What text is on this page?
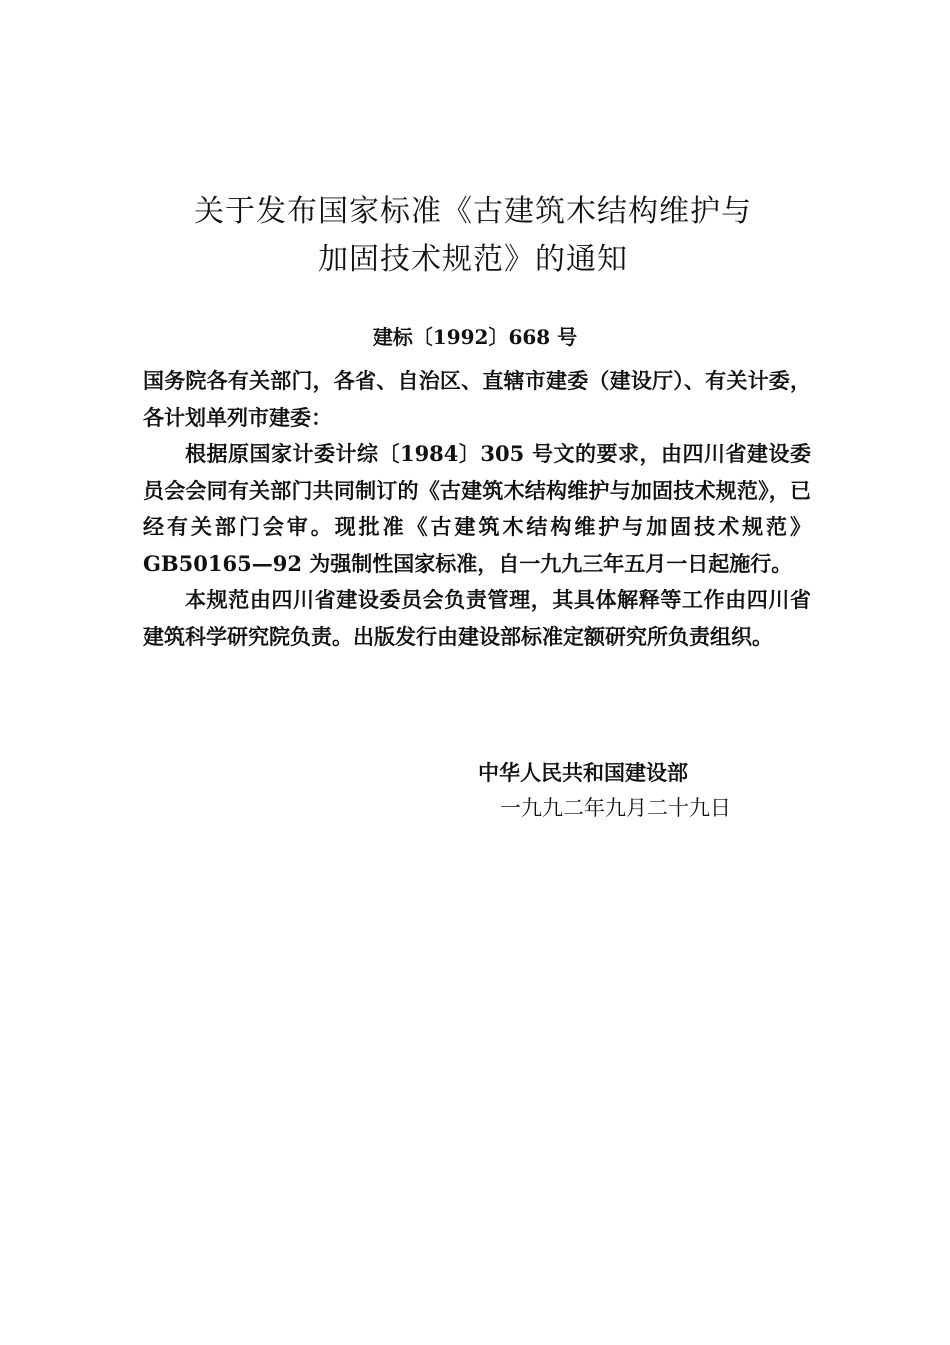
关于发布国家标准《古建筑木结构维护与
加固技术规范》的通知
建标〔1992〕668 号

国务院各有关部门，各省、自治区、直辖市建委（建设厅）、有关计委，各计划单列市建委：

根据原国家计委计综〔1984〕305 号文的要求，由四川省建设委员会会同有关部门共同制订的《古建筑木结构维护与加固技术规范》，已经有关部门会审。现批准《古建筑木结构维护与加固技术规范》GB50165—92 为强制性国家标准，自一九九三年五月一日起施行。

本规范由四川省建设委员会负责管理，其具体解释等工作由四川省建筑科学研究院负责。出版发行由建设部标准定额研究所负责组织。

中华人民共和国建设部
一九九二年九月二十九日
